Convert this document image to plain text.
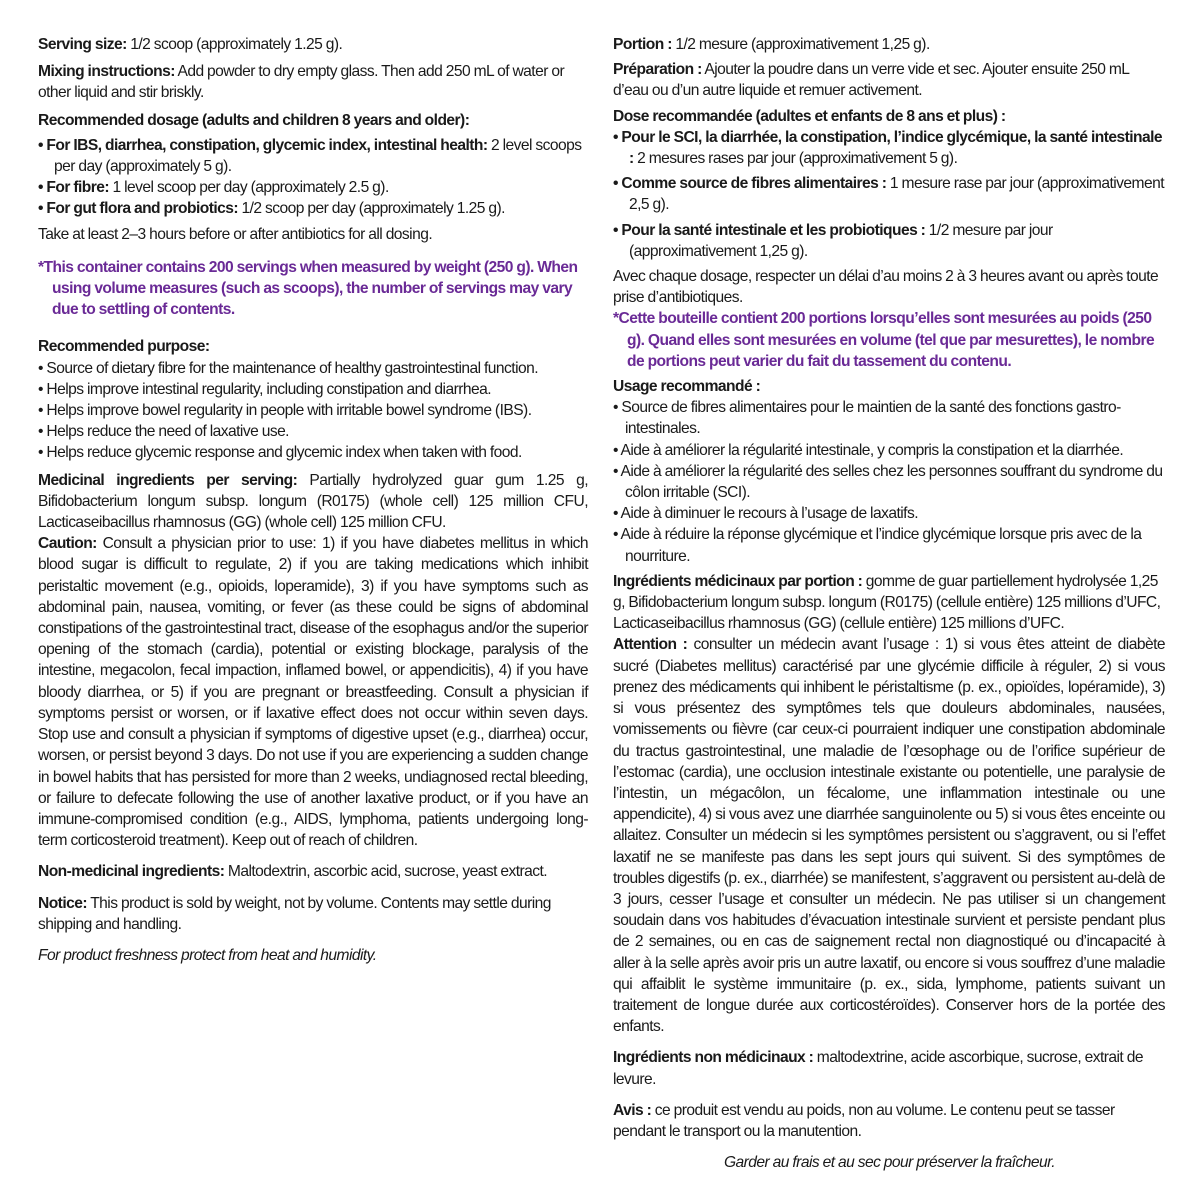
Serving size: 1/2 scoop (approximately 1.25 g).

Mixing instructions: Add powder to dry empty glass. Then add 250 mL of water or other liquid and stir briskly.

Recommended dosage (adults and children 8 years and older):

• For IBS, diarrhea, constipation, glycemic index, intestinal health: 2 level scoops per day (approximately 5 g).

• For fibre: 1 level scoop per day (approximately 2.5 g).

• For gut flora and probiotics: 1/2 scoop per day (approximately 1.25 g).

Take at least 2–3 hours before or after antibiotics for all dosing.

*This container contains 200 servings when measured by weight (250 g). When using volume measures (such as scoops), the number of servings may vary due to settling of contents.

Recommended purpose:

• Source of dietary fibre for the maintenance of healthy gastrointestinal function.

• Helps improve intestinal regularity, including constipation and diarrhea.

• Helps improve bowel regularity in people with irritable bowel syndrome (IBS).

• Helps reduce the need of laxative use.

• Helps reduce glycemic response and glycemic index when taken with food.

Medicinal ingredients per serving: Partially hydrolyzed guar gum 1.25 g, Bifidobacterium longum subsp. longum (R0175) (whole cell) 125 million CFU, Lacticaseibacillus rhamnosus (GG) (whole cell) 125 million CFU.

Caution: Consult a physician prior to use: 1) if you have diabetes mellitus in which blood sugar is difficult to regulate, 2) if you are taking medications which inhibit peristaltic movement (e.g., opioids, loperamide), 3) if you have symptoms such as abdominal pain, nausea, vomiting, or fever (as these could be signs of abdominal constipations of the gastrointestinal tract, disease of the esophagus and/or the superior opening of the stomach (cardia), potential or existing blockage, paralysis of the intestine, megacolon, fecal impaction, inflamed bowel, or appendicitis), 4) if you have bloody diarrhea, or 5) if you are pregnant or breastfeeding. Consult a physician if symptoms persist or worsen, or if laxative effect does not occur within seven days. Stop use and consult a physician if symptoms of digestive upset (e.g., diarrhea) occur, worsen, or persist beyond 3 days. Do not use if you are experiencing a sudden change in bowel habits that has persisted for more than 2 weeks, undiagnosed rectal bleeding, or failure to defecate following the use of another laxative product, or if you have an immune-compromised condition (e.g., AIDS, lymphoma, patients undergoing long-term corticosteroid treatment). Keep out of reach of children.

Non-medicinal ingredients: Maltodextrin, ascorbic acid, sucrose, yeast extract.

Notice: This product is sold by weight, not by volume. Contents may settle during shipping and handling.

For product freshness protect from heat and humidity.

Portion : 1/2 mesure (approximativement 1,25 g).

Préparation : Ajouter la poudre dans un verre vide et sec. Ajouter ensuite 250 mL d’eau ou d’un autre liquide et remuer activement.

Dose recommandée (adultes et enfants de 8 ans et plus) :

• Pour le SCI, la diarrhée, la constipation, l’indice glycémique, la santé intestinale : 2 mesures rases par jour (approximativement 5 g).

• Comme source de fibres alimentaires : 1 mesure rase par jour (approximativement 2,5 g).

• Pour la santé intestinale et les probiotiques : 1/2 mesure par jour (approximativement 1,25 g).

Avec chaque dosage, respecter un délai d’au moins 2 à 3 heures avant ou après toute prise d’antibiotiques.

*Cette bouteille contient 200 portions lorsqu’elles sont mesurées au poids (250 g). Quand elles sont mesurées en volume (tel que par mesurettes), le nombre de portions peut varier du fait du tassement du contenu.

Usage recommandé :

• Source de fibres alimentaires pour le maintien de la santé des fonctions gastro-intestinales.

• Aide à améliorer la régularité intestinale, y compris la constipation et la diarrhée.

• Aide à améliorer la régularité des selles chez les personnes souffrant du syndrome du côlon irritable (SCI).

• Aide à diminuer le recours à l’usage de laxatifs.

• Aide à réduire la réponse glycémique et l’indice glycémique lorsque pris avec de la nourriture.

Ingrédients médicinaux par portion : gomme de guar partiellement hydrolysée 1,25 g, Bifidobacterium longum subsp. longum (R0175) (cellule entière) 125 millions d’UFC, Lacticaseibacillus rhamnosus (GG) (cellule entière) 125 millions d’UFC.

Attention : consulter un médecin avant l’usage : 1) si vous êtes atteint de diabète sucré (Diabetes mellitus) caractérisé par une glycémie difficile à réguler, 2) si vous prenez des médicaments qui inhibent le péristaltisme (p. ex., opioïdes, lopéramide), 3) si vous présentez des symptômes tels que douleurs abdominales, nausées, vomissements ou fièvre (car ceux-ci pourraient indiquer une constipation abdominale du tractus gastrointestinal, une maladie de l’œsophage ou de l’orifice supérieur de l’estomac (cardia), une occlusion intestinale existante ou potentielle, une paralysie de l’intestin, un mégacôlon, un fécalome, une inflammation intestinale ou une appendicite), 4) si vous avez une diarrhée sanguinolente ou 5) si vous êtes enceinte ou allaitez. Consulter un médecin si les symptômes persistent ou s’aggravent, ou si l’effet laxatif ne se manifeste pas dans les sept jours qui suivent. Si des symptômes de troubles digestifs (p. ex., diarrhée) se manifestent, s’aggravent ou persistent au-delà de 3 jours, cesser l’usage et consulter un médecin. Ne pas utiliser si un changement soudain dans vos habitudes d’évacuation intestinale survient et persiste pendant plus de 2 semaines, ou en cas de saignement rectal non diagnostiqué ou d’incapacité à aller à la selle après avoir pris un autre laxatif, ou encore si vous souffrez d’une maladie qui affaiblit le système immunitaire (p. ex., sida, lymphome, patients suivant un traitement de longue durée aux corticostéroïdes). Conserver hors de la portée des enfants.

Ingrédients non médicinaux : maltodextrine, acide ascorbique, sucrose, extrait de levure.

Avis : ce produit est vendu au poids, non au volume. Le contenu peut se tasser pendant le transport ou la manutention.

Garder au frais et au sec pour préserver la fraîcheur.
